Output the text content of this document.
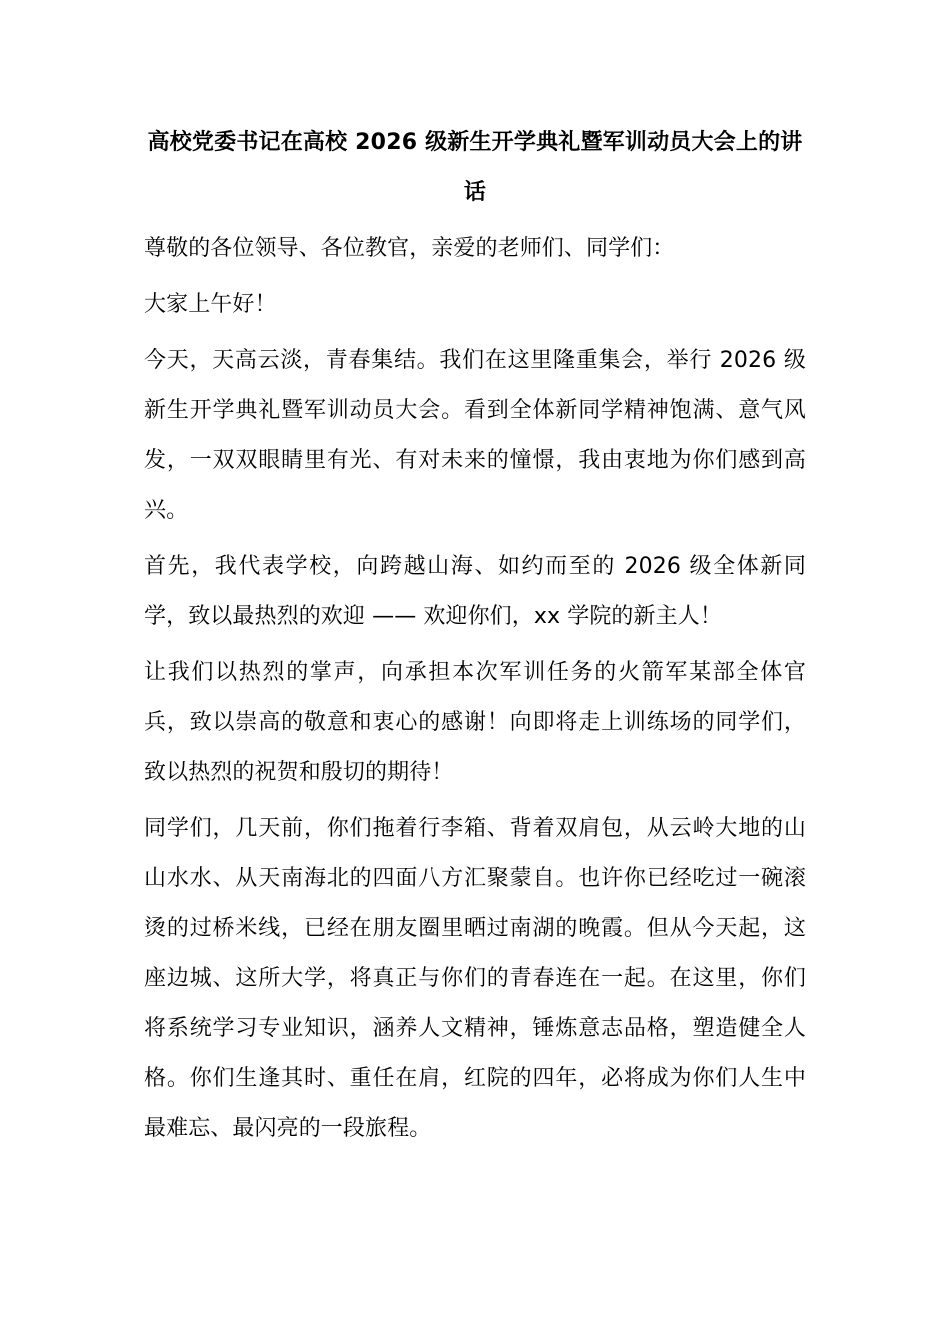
高校党委书记在高校 2026 级新生开学典礼暨军训动员大会上的讲话

尊敬的各位领导、各位教官，亲爱的老师们、同学们：

大家上午好！

今天，天高云淡，青春集结。我们在这里隆重集会，举行 2026 级新生开学典礼暨军训动员大会。看到全体新同学精神饱满、意气风发，一双双眼睛里有光、有对未来的憧憬，我由衷地为你们感到高兴。

首先，我代表学校，向跨越山海、如约而至的 2026 级全体新同学，致以最热烈的欢迎 —— 欢迎你们，xx 学院的新主人！

让我们以热烈的掌声，向承担本次军训任务的火箭军某部全体官兵，致以崇高的敬意和衷心的感谢！向即将走上训练场的同学们，致以热烈的祝贺和殷切的期待！

同学们，几天前，你们拖着行李箱、背着双肩包，从云岭大地的山山水水、从天南海北的四面八方汇聚蒙自。也许你已经吃过一碗滚烫的过桥米线，已经在朋友圈里晒过南湖的晚霞。但从今天起，这座边城、这所大学，将真正与你们的青春连在一起。在这里，你们将系统学习专业知识，涵养人文精神，锤炼意志品格，塑造健全人格。你们生逢其时、重任在肩，红院的四年，必将成为你们人生中最难忘、最闪亮的一段旅程。
